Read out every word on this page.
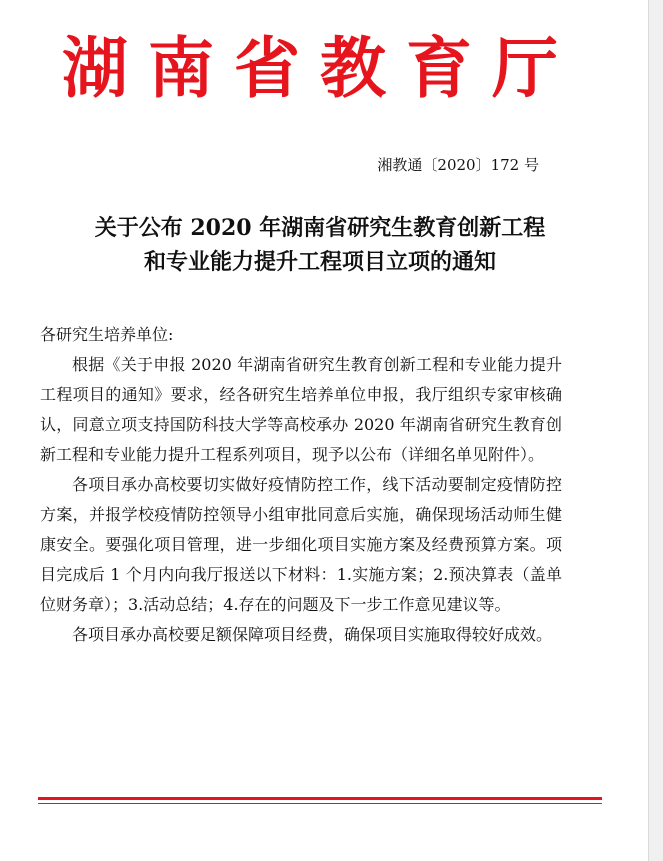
湖南省教育厅
湘教通〔2020〕172 号
关于公布 2020 年湖南省研究生教育创新工程
和专业能力提升工程项目立项的通知

各研究生培养单位:

根据《关于申报 2020 年湖南省研究生教育创新工程和专业能力提升工程项目的通知》要求，经各研究生培养单位申报，我厅组织专家审核确认，同意立项支持国防科技大学等高校承办 2020 年湖南省研究生教育创新工程和专业能力提升工程系列项目，现予以公布（详细名单见附件）。

各项目承办高校要切实做好疫情防控工作，线下活动要制定疫情防控方案，并报学校疫情防控领导小组审批同意后实施，确保现场活动师生健康安全。要强化项目管理，进一步细化项目实施方案及经费预算方案。项目完成后 1 个月内向我厅报送以下材料：1.实施方案；2.预决算表（盖单位财务章）；3.活动总结；4.存在的问题及下一步工作意见建议等。

各项目承办高校要足额保障项目经费，确保项目实施取得较好成效。
